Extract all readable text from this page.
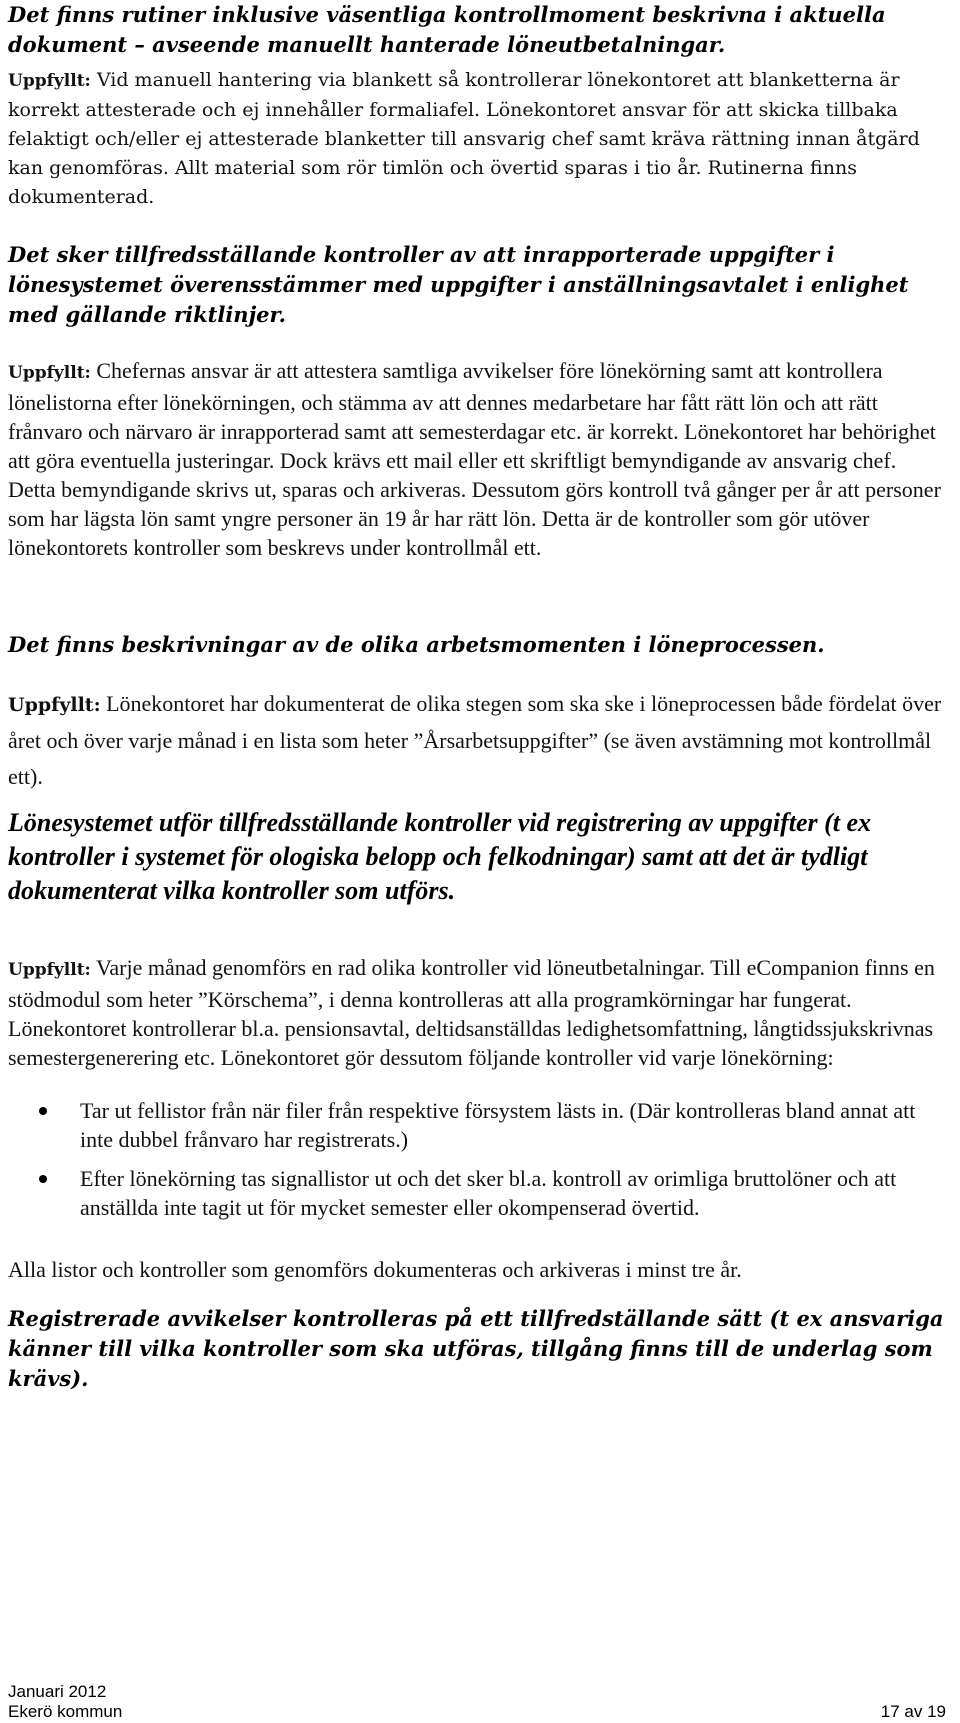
Det finns rutiner inklusive väsentliga kontrollmoment beskrivna i aktuella dokument – avseende manuellt hanterade löneutbetalningar.

Uppfyllt: Vid manuell hantering via blankett så kontrollerar lönekontoret att blanketterna är korrekt attesterade och ej innehåller formaliafel. Lönekontoret ansvar för att skicka tillbaka felaktigt och/eller ej attesterade blanketter till ansvarig chef samt kräva rättning innan åtgärd kan genomföras. Allt material som rör timlön och övertid sparas i tio år. Rutinerna finns dokumenterad.

Det sker tillfredsställande kontroller av att inrapporterade uppgifter i lönesystemet överensstämmer med uppgifter i anställningsavtalet i enlighet med gällande riktlinjer.

Uppfyllt: Chefernas ansvar är att attestera samtliga avvikelser före lönekörning samt att kontrollera lönelistorna efter lönekörningen, och stämma av att dennes medarbetare har fått rätt lön och att rätt frånvaro och närvaro är inrapporterad samt att semesterdagar etc. är korrekt. Lönekontoret har behörighet att göra eventuella justeringar. Dock krävs ett mail eller ett skriftligt bemyndigande av ansvarig chef. Detta bemyndigande skrivs ut, sparas och arkiveras. Dessutom görs kontroll två gånger per år att personer som har lägsta lön samt yngre personer än 19 år har rätt lön. Detta är de kontroller som gör utöver lönekontorets kontroller som beskrevs under kontrollmål ett.

Det finns beskrivningar av de olika arbetsmomenten i löneprocessen.

Uppfyllt: Lönekontoret har dokumenterat de olika stegen som ska ske i löneprocessen både fördelat över året och över varje månad i en lista som heter ”Årsarbetsuppgifter” (se även avstämning mot kontrollmål ett).

Lönesystemet utför tillfredsställande kontroller vid registrering av uppgifter (t ex kontroller i systemet för ologiska belopp och felkodningar) samt att det är tydligt dokumenterat vilka kontroller som utförs.

Uppfyllt: Varje månad genomförs en rad olika kontroller vid löneutbetalningar. Till eCompanion finns en stödmodul som heter ”Körschema”, i denna kontrolleras att alla programkörningar har fungerat. Lönekontoret kontrollerar bl.a. pensionsavtal, deltidsanställdas ledighetsomfattning, långtidssjukskrivnas semestergenerering etc. Lönekontoret gör dessutom följande kontroller vid varje lönekörning:

Tar ut fellistor från när filer från respektive försystem lästs in. (Där kontrolleras bland annat att inte dubbel frånvaro har registrerats.)
Efter lönekörning tas signallistor ut och det sker bl.a. kontroll av orimliga bruttolöner och att anställda inte tagit ut för mycket semester eller okompenserad övertid.

Alla listor och kontroller som genomförs dokumenteras och arkiveras i minst tre år.

Registrerade avvikelser kontrolleras på ett tillfredställande sätt (t ex ansvariga känner till vilka kontroller som ska utföras, tillgång finns till de underlag som krävs).

Januari 2012
Ekerö kommun	17 av 19
